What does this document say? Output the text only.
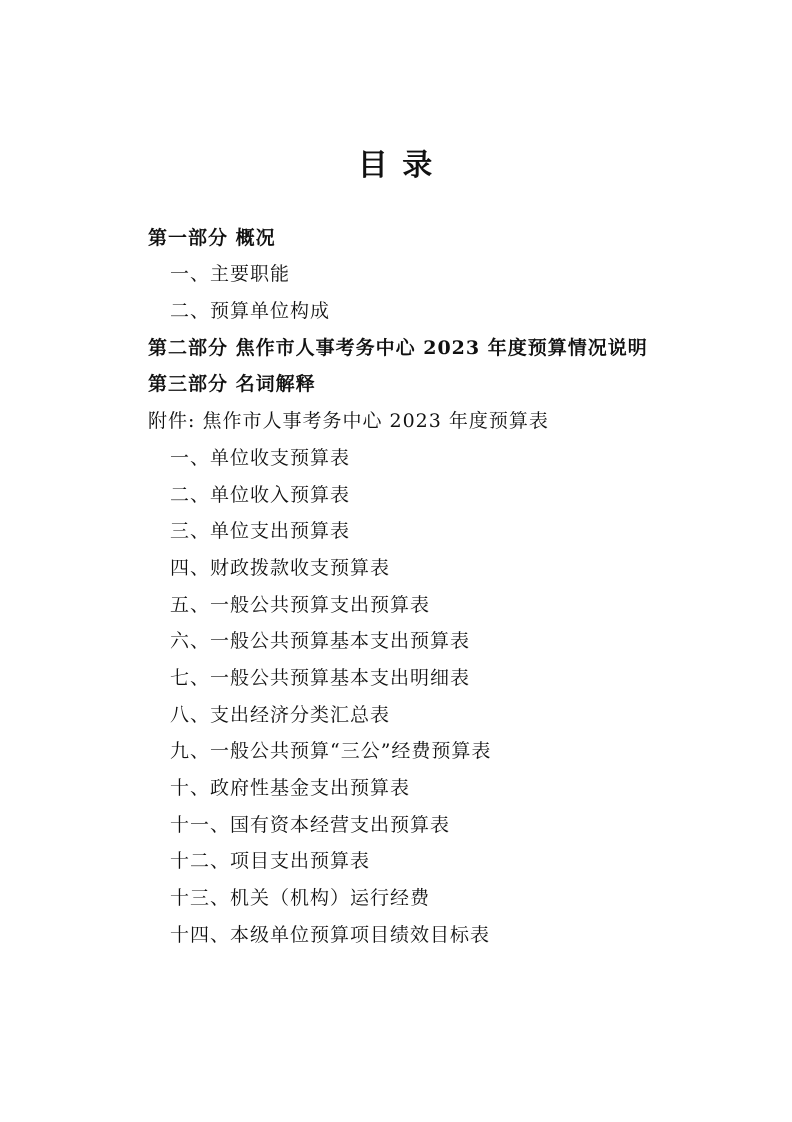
目 录
第一部分 概况
一、主要职能
二、预算单位构成
第二部分 焦作市人事考务中心 2023 年度预算情况说明
第三部分 名词解释
附件: 焦作市人事考务中心 2023 年度预算表
一、单位收支预算表
二、单位收入预算表
三、单位支出预算表
四、财政拨款收支预算表
五、一般公共预算支出预算表
六、一般公共预算基本支出预算表
七、一般公共预算基本支出明细表
八、支出经济分类汇总表
九、一般公共预算“三公”经费预算表
十、政府性基金支出预算表
十一、国有资本经营支出预算表
十二、项目支出预算表
十三、机关（机构）运行经费
十四、本级单位预算项目绩效目标表
